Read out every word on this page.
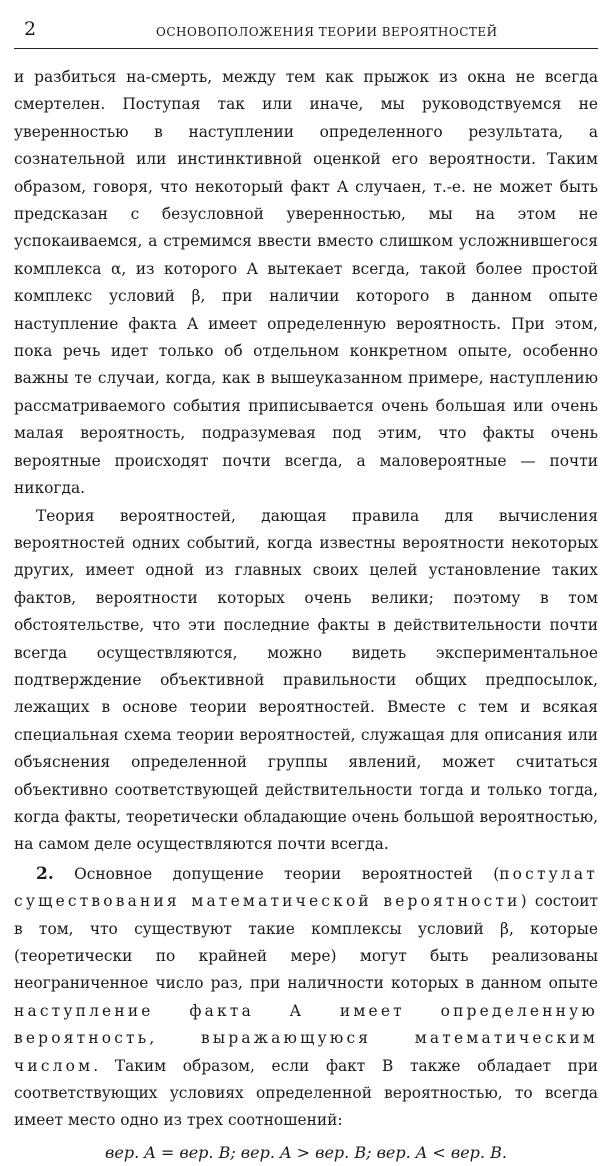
2	ОСНОВОПОЛОЖЕНИЯ ТЕОРИИ ВЕРОЯТНОСТЕЙ

и разбиться на-смерть, между тем как прыжок из окна не всегда смертелен. Поступая так или иначе, мы руководствуемся не уверенностью в наступлении определенного результата, а сознательной или инстинктивной оценкой его вероятности. Таким образом, говоря, что некоторый факт A случаен, т.-е. не может быть предсказан с безусловной уверенностью, мы на этом не успокаиваемся, а стремимся ввести вместо слишком усложнившегося комплекса α, из которого A вытекает всегда, такой более простой комплекс условий β, при наличии которого в данном опыте наступление факта A имеет определенную вероятность. При этом, пока речь идет только об отдельном конкретном опыте, особенно важны те случаи, когда, как в вышеуказанном примере, наступлению рассматриваемого события приписывается очень большая или очень малая вероятность, подразумевая под этим, что факты очень вероятные происходят почти всегда, а маловероятные — почти никогда.

Теория вероятностей, дающая правила для вычисления вероятностей одних событий, когда известны вероятности некоторых других, имеет одной из главных своих целей установление таких фактов, вероятности которых очень велики; поэтому в том обстоятельстве, что эти последние факты в действительности почти всегда осуществляются, можно видеть экспериментальное подтверждение объективной правильности общих предпосылок, лежащих в основе теории вероятностей. Вместе с тем и всякая специальная схема теории вероятностей, служащая для описания или объяснения определенной группы явлений, может считаться объективно соответствующей действительности тогда и только тогда, когда факты, теоретически обладающие очень большой вероятностью, на самом деле осуществляются почти всегда.

2. Основное допущение теории вероятностей (постулат существования математической вероятности) состоит в том, что существуют такие комплексы условий β, которые (теоретически по крайней мере) могут быть реализованы неограниченное число раз, при наличности которых в данном опыте наступление факта A имеет определенную вероятность, выражающуюся математическим числом. Таким образом, если факт B также обладает при соответствующих условиях определенной вероятностью, то всегда имеет место одно из трех соотношений:

вер. A = вер. B; вер. A > вер. B; вер. A < вер. B.
